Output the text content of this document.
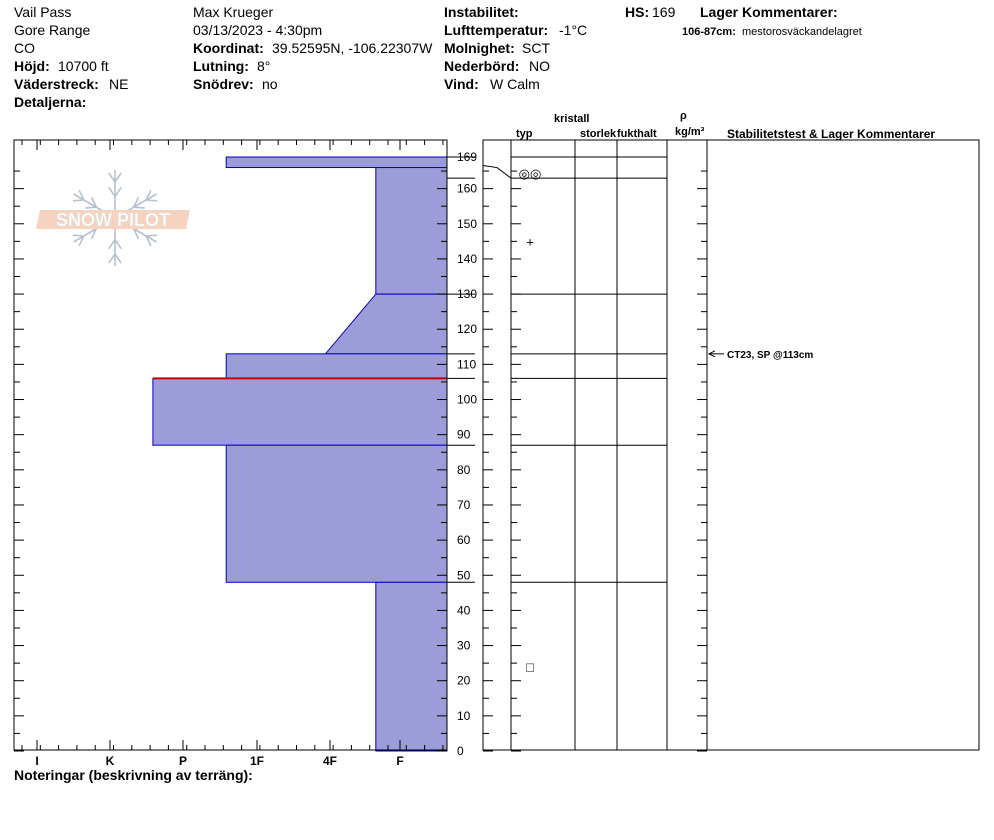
Vail Pass
Gore Range
CO
Höjd: 10700 ft
Väderstreck: NE
Detaljerna:
Max Krueger
03/13/2023 - 4:30pm
Koordinat: 39.52595N, -106.22307W
Lutning: 8°
Snödrev: no
Instabilitet:
Lufttemperatur: -1°C
Molnighet: SCT
Nederbörd: NO
Vind: W Calm
HS: 169 Lager Kommentarer:
106-87cm: mestorosväckandelagret
kristall
typ	storlek fukthalt
ρ
kg/m³ Stabilitetstest & Lager Kommentarer
Noteringar (beskrivning av terräng):
SNOW PILOT
I	K	P	1F	4F	F
0
10
20
30
40
50
60
70
80
90
100
110
120
130
140
150
160
169
◎◎
+
□
CT23, SP @113cm
